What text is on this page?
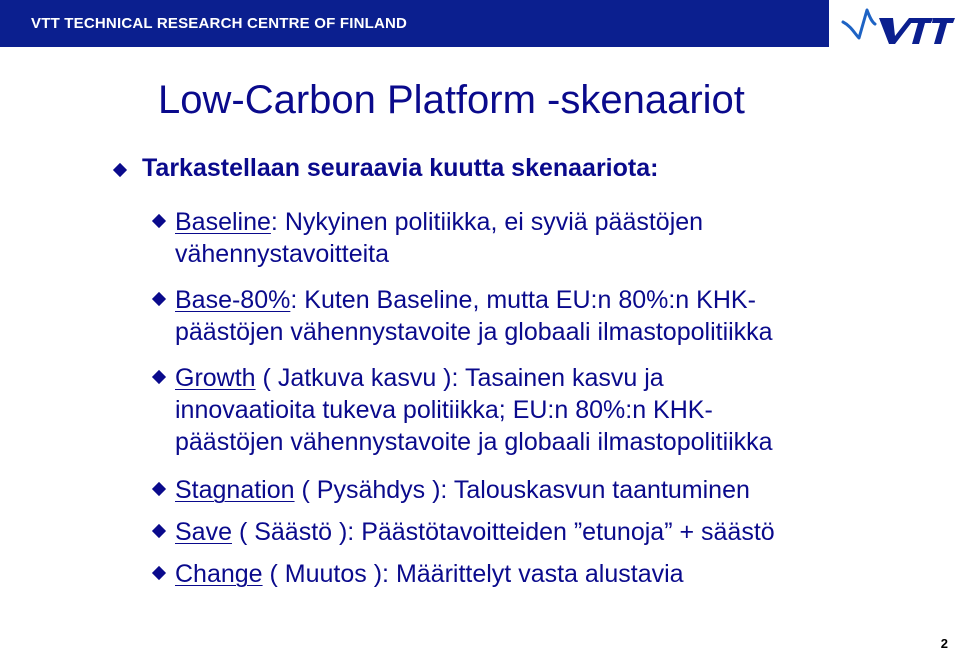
VTT TECHNICAL RESEARCH CENTRE OF FINLAND
Low-Carbon Platform -skenaariot
Tarkastellaan seuraavia kuutta skenaariota:
Baseline: Nykyinen politiikka, ei syviä päästöjen
vähennystavoitteita
Base-80%: Kuten Baseline, mutta EU:n 80%:n KHK-
päästöjen vähennystavoite ja globaali ilmastopolitiikka
Growth ( Jatkuva kasvu ): Tasainen kasvu ja
innovaatioita tukeva politiikka; EU:n 80%:n KHK-
päästöjen vähennystavoite ja globaali ilmastopolitiikka
Stagnation ( Pysähdys ): Talouskasvun taantuminen
Save ( Säästö ): Päästötavoitteiden ”etunoja” + säästö
Change ( Muutos ): Määrittelyt vasta alustavia
2
